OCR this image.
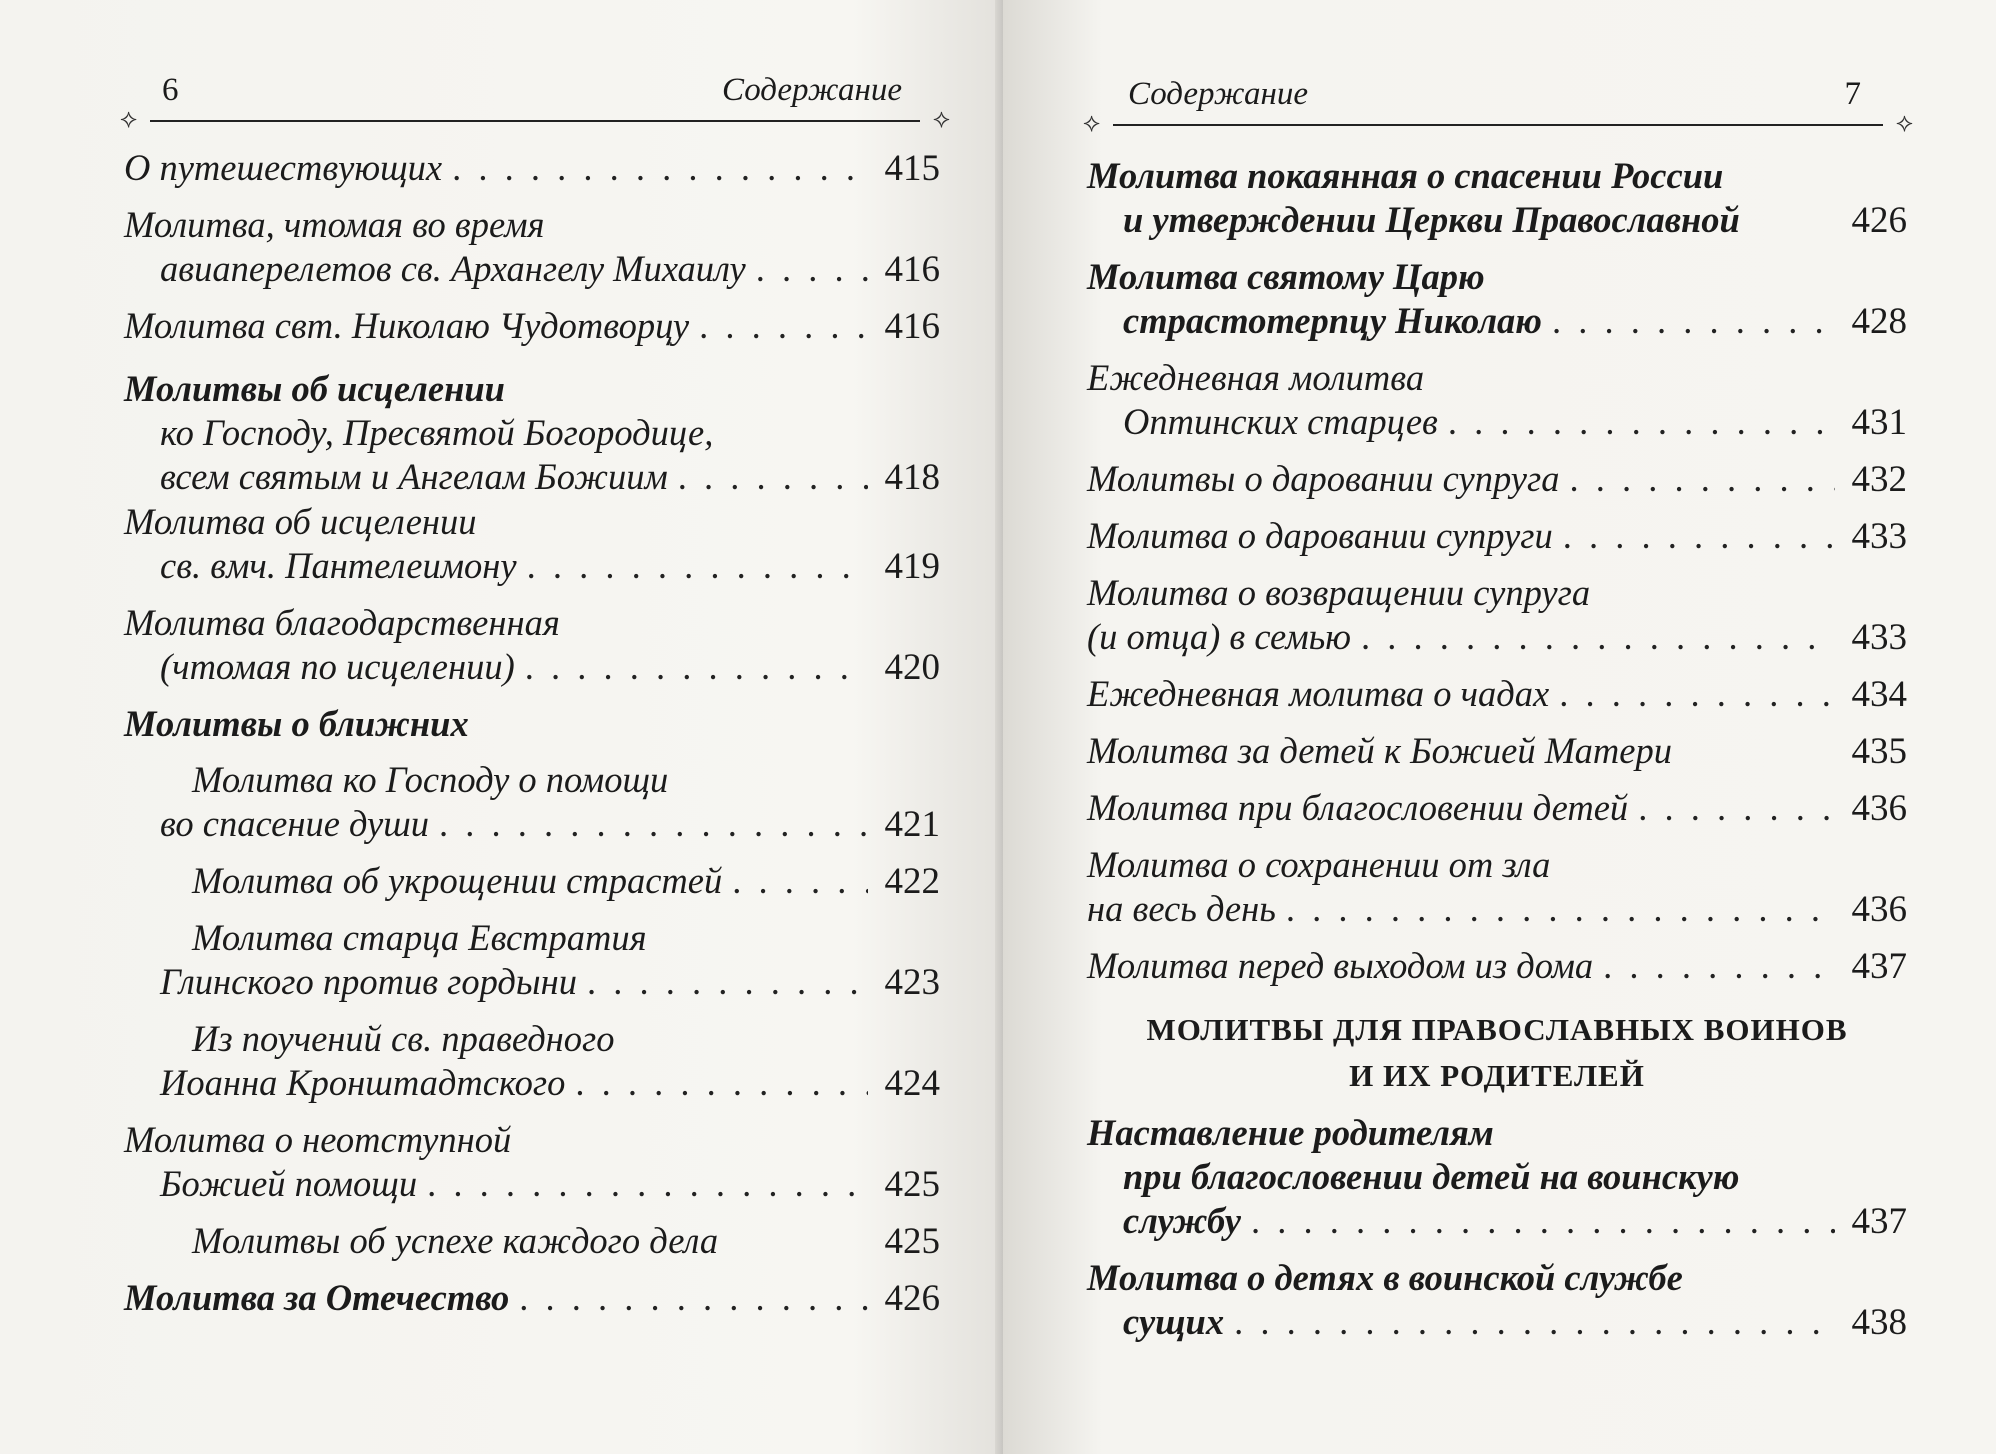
6	Содержание
⟡	⟡
О путешествующих . . .	415
Молитва, чтомая во время
авиаперелетов св. Архангелу Михаилу . . .	416
Молитва свт. Николаю Чудотворцу . . .	416
Молитвы об исцелении
ко Господу, Пресвятой Богородице,
всем святым и Ангелам Божиим . . .	418
Молитва об исцелении
св. вмч. Пантелеимону . . .	419
Молитва благодарственная
(чтомая по исцелении) . . .	420
Молитвы о ближних
Молитва ко Господу о помощи
во спасение души . . .	421
Молитва об укрощении страстей . . .	422
Молитва старца Евстратия
Глинского против гордыни . . .	423
Из поучений св. праведного
Иоанна Кронштадтского . . .	424
Молитва о неотступной
Божией помощи . . .	425
Молитвы об успехе каждого дела	425
Молитва за Отечество . . .	426
Содержание	7
⟡	⟡
Молитва покаянная о спасении России
и утверждении Церкви Православной	426
Молитва святому Царю
страстотерпцу Николаю . . .	428
Ежедневная молитва
Оптинских старцев . . .	431
Молитвы о даровании супруга . . .	432
Молитва о даровании супруги . . .	433
Молитва о возвращении супруга
(и отца) в семью . . .	433
Ежедневная молитва о чадах . . .	434
Молитва за детей к Божией Матери	435
Молитва при благословении детей . . .	436
Молитва о сохранении от зла
на весь день . . .	436
Молитва перед выходом из дома . . .	437
МОЛИТВЫ ДЛЯ ПРАВОСЛАВНЫХ ВОИНОВ
И ИХ РОДИТЕЛЕЙ
Наставление родителям
при благословении детей на воинскую
службу . . .	437
Молитва о детях в воинской службе
сущих . . .	438
